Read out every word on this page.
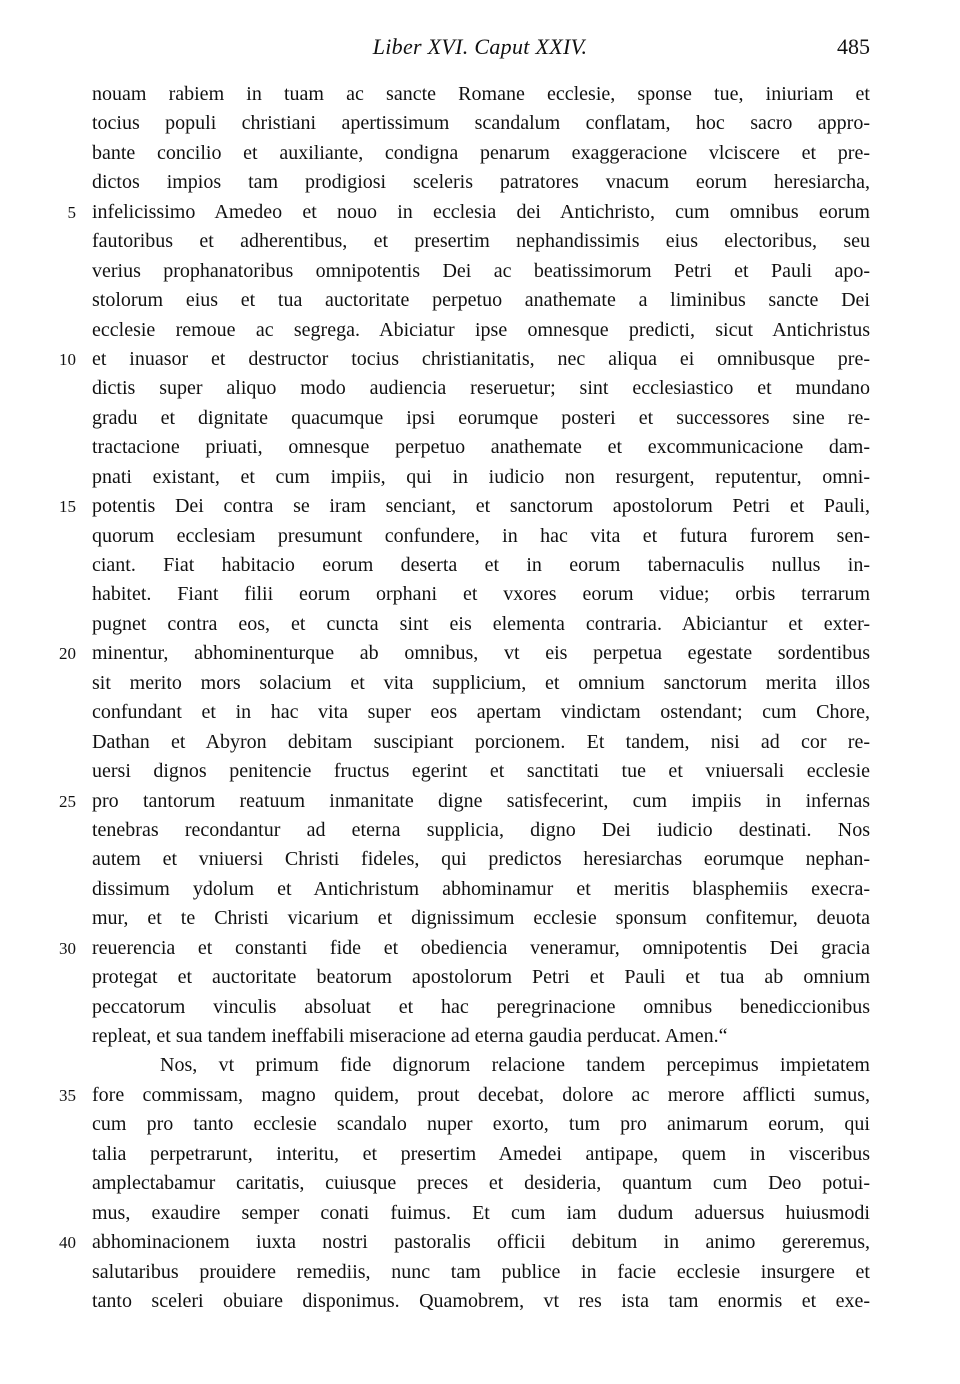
Liber XVI. Caput XXIV.	485
nouam rabiem in tuam ac sancte Romane ecclesie, sponse tue, iniuriam et
tocius populi christiani apertissimum scandalum conflatam, hoc sacro appro-
bante concilio et auxiliante, condigna penarum exaggeracione vlciscere et pre-
dictos impios tam prodigiosi sceleris patratores vnacum eorum heresiarcha,
5 infelicissimo Amedeo et nouo in ecclesia dei Antichristo, cum omnibus eorum
fautoribus et adherentibus, et presertim nephandissimis eius electoribus, seu
verius prophanatoribus omnipotentis Dei ac beatissimorum Petri et Pauli apo-
stolorum eius et tua auctoritate perpetuo anathemate a liminibus sancte Dei
ecclesie remoue ac segrega. Abiciatur ipse omnesque predicti, sicut Antichristus
10 et inuasor et destructor tocius christianitatis, nec aliqua ei omnibusque pre-
dictis super aliquo modo audiencia reseruetur; sint ecclesiastico et mundano
gradu et dignitate quacumque ipsi eorumque posteri et successores sine re-
tractacione priuati, omnesque perpetuo anathemate et excommunicacione dam-
pnati existant, et cum impiis, qui in iudicio non resurgent, reputentur, omni-
15 potentis Dei contra se iram senciant, et sanctorum apostolorum Petri et Pauli,
quorum ecclesiam presumunt confundere, in hac vita et futura furorem sen-
ciant. Fiat habitacio eorum deserta et in eorum tabernaculis nullus in-
habitet. Fiant filii eorum orphani et vxores eorum vidue; orbis terrarum
pugnet contra eos, et cuncta sint eis elementa contraria. Abiciantur et exter-
20 minentur, abhominenturque ab omnibus, vt eis perpetua egestate sordentibus
sit merito mors solacium et vita supplicium, et omnium sanctorum merita illos
confundant et in hac vita super eos apertam vindictam ostendant; cum Chore,
Dathan et Abyron debitam suscipiant porcionem. Et tandem, nisi ad cor re-
uersi dignos penitencie fructus egerint et sanctitati tue et vniuersali ecclesie
25 pro tantorum reatuum inmanitate digne satisfecerint, cum impiis in infernas
tenebras recondantur ad eterna supplicia, digno Dei iudicio destinati. Nos
autem et vniuersi Christi fideles, qui predictos heresiarchas eorumque nephan-
dissimum ydolum et Antichristum abhominamur et meritis blasphemiis execra-
mur, et te Christi vicarium et dignissimum ecclesie sponsum confitemur, deuota
30 reuerencia et constanti fide et obediencia veneramur, omnipotentis Dei gracia
protegat et auctoritate beatorum apostolorum Petri et Pauli et tua ab omnium
peccatorum vinculis absoluat et hac peregrinacione omnibus benediccionibus
repleat, et sua tandem ineffabili miseracione ad eterna gaudia perducat. Amen.“
Nos, vt primum fide dignorum relacione tandem percepimus impietatem
35 fore commissam, magno quidem, prout decebat, dolore ac merore afflicti sumus,
cum pro tanto ecclesie scandalo nuper exorto, tum pro animarum eorum, qui
talia perpetrarunt, interitu, et presertim Amedei antipape, quem in visceribus
amplectabamur caritatis, cuiusque preces et desideria, quantum cum Deo potui-
mus, exaudire semper conati fuimus. Et cum iam dudum aduersus huiusmodi
40 abhominacionem iuxta nostri pastoralis officii debitum in animo gereremus,
salutaribus prouidere remediis, nunc tam publice in facie ecclesie insurgere et
tanto sceleri obuiare disponimus. Quamobrem, vt res ista tam enormis et exe-
